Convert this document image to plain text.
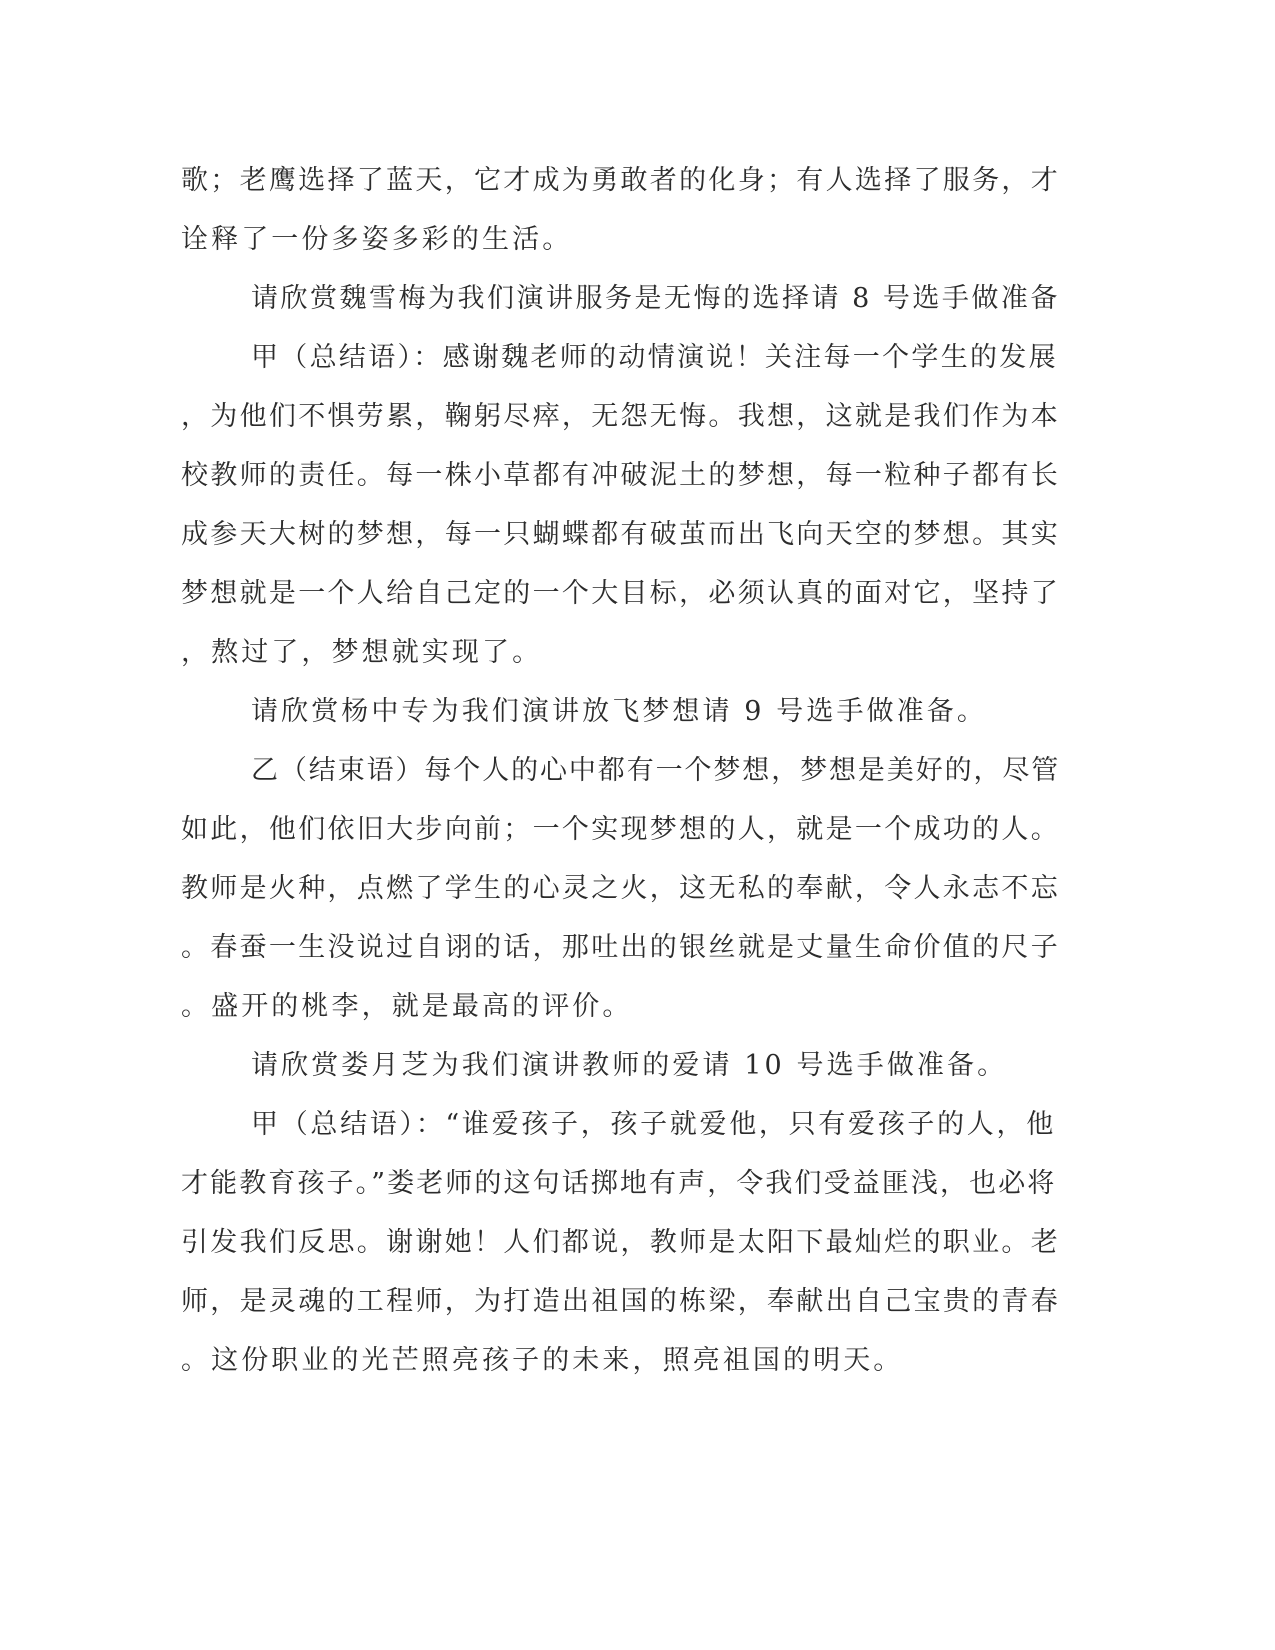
歌；老鹰选择了蓝天，它才成为勇敢者的化身；有人选择了服务，才
诠释了一份多姿多彩的生活。
请欣赏魏雪梅为我们演讲服务是无悔的选择请 8 号选手做准备
甲（总结语）：感谢魏老师的动情演说！关注每一个学生的发展
，为他们不惧劳累，鞠躬尽瘁，无怨无悔。我想，这就是我们作为本
校教师的责任。每一株小草都有冲破泥土的梦想，每一粒种子都有长
成参天大树的梦想，每一只蝴蝶都有破茧而出飞向天空的梦想。其实
梦想就是一个人给自己定的一个大目标，必须认真的面对它，坚持了
，熬过了，梦想就实现了。
请欣赏杨中专为我们演讲放飞梦想请 9 号选手做准备。
乙（结束语）每个人的心中都有一个梦想，梦想是美好的，尽管
如此，他们依旧大步向前；一个实现梦想的人，就是一个成功的人。
教师是火种，点燃了学生的心灵之火，这无私的奉献，令人永志不忘
。春蚕一生没说过自诩的话，那吐出的银丝就是丈量生命价值的尺子
。盛开的桃李，就是最高的评价。
请欣赏娄月芝为我们演讲教师的爱请 10 号选手做准备。
甲（总结语）：“谁爱孩子，孩子就爱他，只有爱孩子的人，他
才能教育孩子。”娄老师的这句话掷地有声，令我们受益匪浅，也必将
引发我们反思。谢谢她！人们都说，教师是太阳下最灿烂的职业。老
师，是灵魂的工程师，为打造出祖国的栋梁，奉献出自己宝贵的青春
。这份职业的光芒照亮孩子的未来，照亮祖国的明天。
